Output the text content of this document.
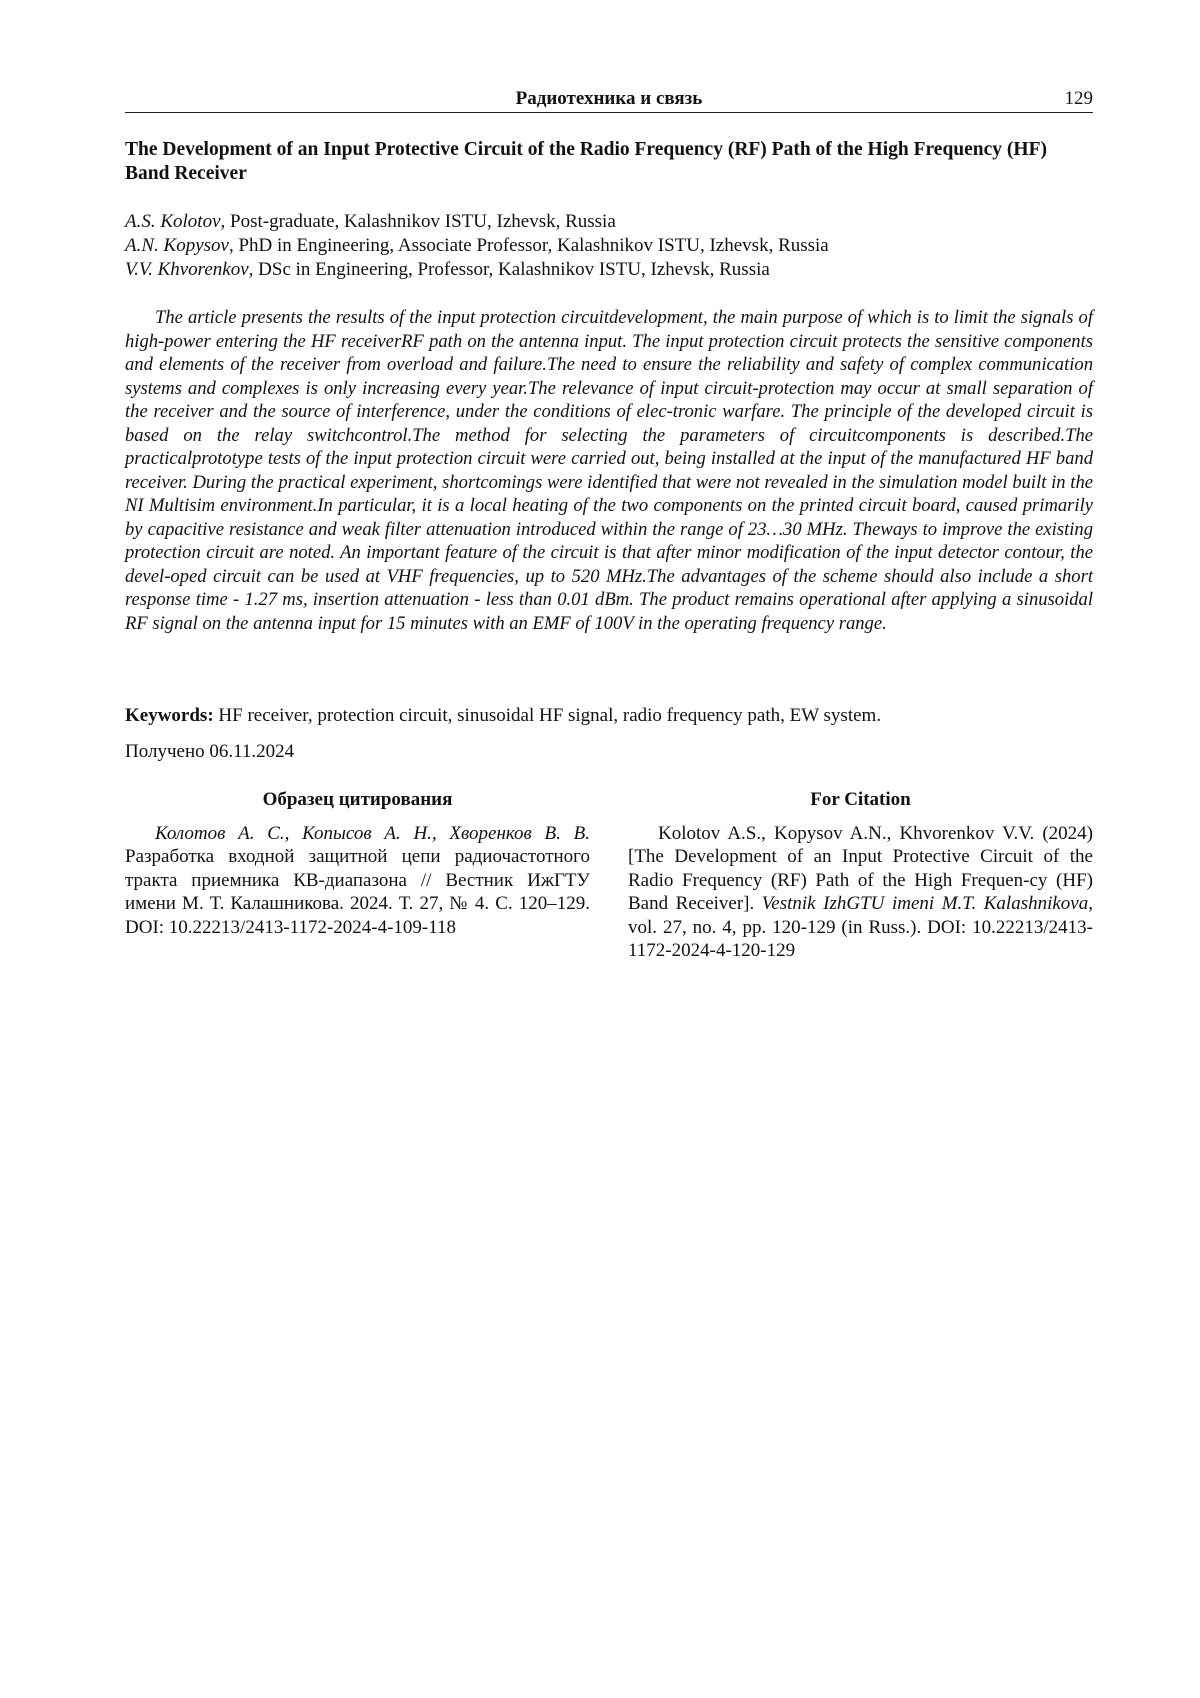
Радиотехника и связь	129
The Development of an Input Protective Circuit of the Radio Frequency (RF) Path of the High Frequency (HF) Band Receiver
A.S. Kolotov, Post-graduate, Kalashnikov ISTU, Izhevsk, Russia
A.N. Kopysov, PhD in Engineering, Associate Professor, Kalashnikov ISTU, Izhevsk, Russia
V.V. Khvorenkov, DSc in Engineering, Professor, Kalashnikov ISTU, Izhevsk, Russia

The article presents the results of the input protection circuitdevelopment, the main purpose of which is to limit the signals of high-power entering the HF receiverRF path on the antenna input. The input protection circuit protects the sensitive components and elements of the receiver from overload and failure.The need to ensure the reliability and safety of complex communication systems and complexes is only increasing every year.The relevance of input circuit-protection may occur at small separation of the receiver and the source of interference, under the conditions of elec-tronic warfare. The principle of the developed circuit is based on the relay switchcontrol.The method for selecting the parameters of circuitcomponents is described.The practicalprototype tests of the input protection circuit were carried out, being installed at the input of the manufactured HF band receiver. During the practical experiment, shortcomings were identified that were not revealed in the simulation model built in the NI Multisim environment.In particular, it is a local heating of the two components on the printed circuit board, caused primarily by capacitive resistance and weak filter attenuation introduced within the range of 23…30 MHz. Theways to improve the existing protection circuit are noted. An important feature of the circuit is that after minor modification of the input detector contour, the devel-oped circuit can be used at VHF frequencies, up to 520 MHz.The advantages of the scheme should also include a short response time - 1.27 ms, insertion attenuation - less than 0.01 dBm. The product remains operational after applying a sinusoidal RF signal on the antenna input for 15 minutes with an EMF of 100V in the operating frequency range.

Keywords: HF receiver, protection circuit, sinusoidal HF signal, radio frequency path, EW system.
Получено 06.11.2024

Образец цитирования

Колотов А. С., Копысов А. Н., Хворенков В. В. Разработка входной защитной цепи радиочастотного тракта приемника КВ-диапазона // Вестник ИжГТУ имени М. Т. Калашникова. 2024. Т. 27, № 4. С. 120–129. DOI: 10.22213/2413-1172-2024-4-109-118

For Citation

Kolotov A.S., Kopysov A.N., Khvorenkov V.V. (2024) [The Development of an Input Protective Circuit of the Radio Frequency (RF) Path of the High Frequen-cy (HF) Band Receiver]. Vestnik IzhGTU imeni M.T. Kalashnikova, vol. 27, no. 4, pp. 120-129 (in Russ.). DOI: 10.22213/2413-1172-2024-4-120-129
